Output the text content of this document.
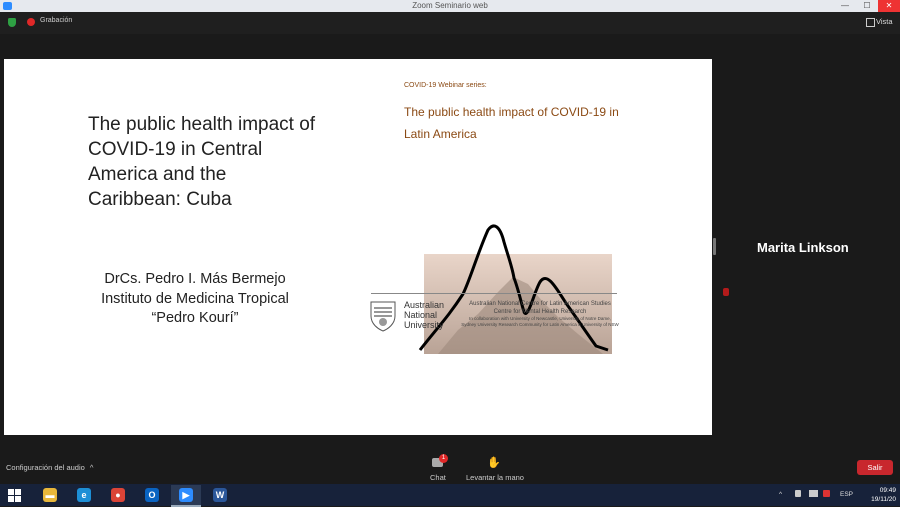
Zoom Seminario web	—	☐	✕
Grabación	Vista
The public health impact of COVID-19 in Central America and the Caribbean: Cuba
DrCs. Pedro I. Más Bermejo
Instituto de Medicina Tropical
“Pedro Kourí”
COVID-19 Webinar series:
The public health impact of COVID-19 in
Latin America
Australian
National
University
Australian National Centre for Latin American Studies
Centre for Mental Health Research
In collaboration with University of Newcastle, University of Notre Dame,
Sydney University Research Community for Latin America & University of NSW
Marita Linkson
Configuración del audio ^
1
Chat
✋
Levantar la mano
Salir
▬	e	●	O	▶	W	^	ESP
09:49
19/11/20
